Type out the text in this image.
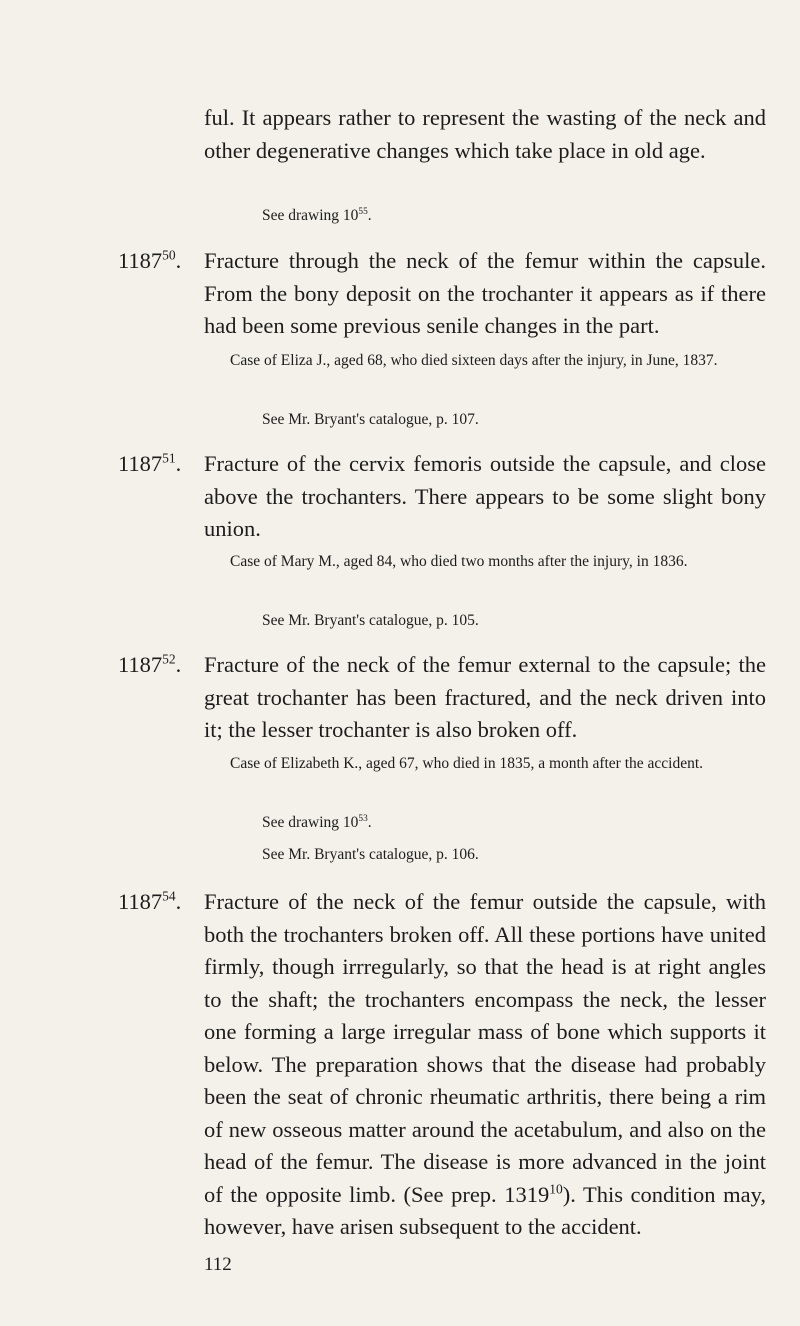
ful. It appears rather to represent the wasting of the neck and other degenerative changes which take place in old age.
See drawing $10^{55}$.
1187$^{50}$.	Fracture through the neck of the femur within the capsule. From the bony deposit on the trochanter it appears as if there had been some previous senile changes in the part.
Case of Eliza J., aged 68, who died sixteen days after the injury, in June, 1837.
See Mr. Bryant's catalogue, p. 107.
1187$^{51}$.	Fracture of the cervix femoris outside the capsule, and close above the trochanters. There appears to be some slight bony union.
Case of Mary M., aged 84, who died two months after the injury, in 1836.
See Mr. Bryant's catalogue, p. 105.
1187$^{52}$.	Fracture of the neck of the femur external to the capsule; the great trochanter has been fractured, and the neck driven into it; the lesser trochanter is also broken off.
Case of Elizabeth K., aged 67, who died in 1835, a month after the accident.
See drawing $10^{53}$.
See Mr. Bryant's catalogue, p. 106.
1187$^{54}$.	Fracture of the neck of the femur outside the capsule, with both the trochanters broken off. All these portions have united firmly, though irrregularly, so that the head is at right angles to the shaft; the trochanters encompass the neck, the lesser one forming a large irregular mass of bone which supports it below. The preparation shows that the disease had probably been the seat of chronic rheumatic arthritis, there being a rim of new osseous matter around the acetabulum, and also on the head of the femur. The disease is more advanced in the joint of the opposite limb. (See prep. 1319$^{10}$). This condition may, however, have arisen subsequent to the accident.
112
